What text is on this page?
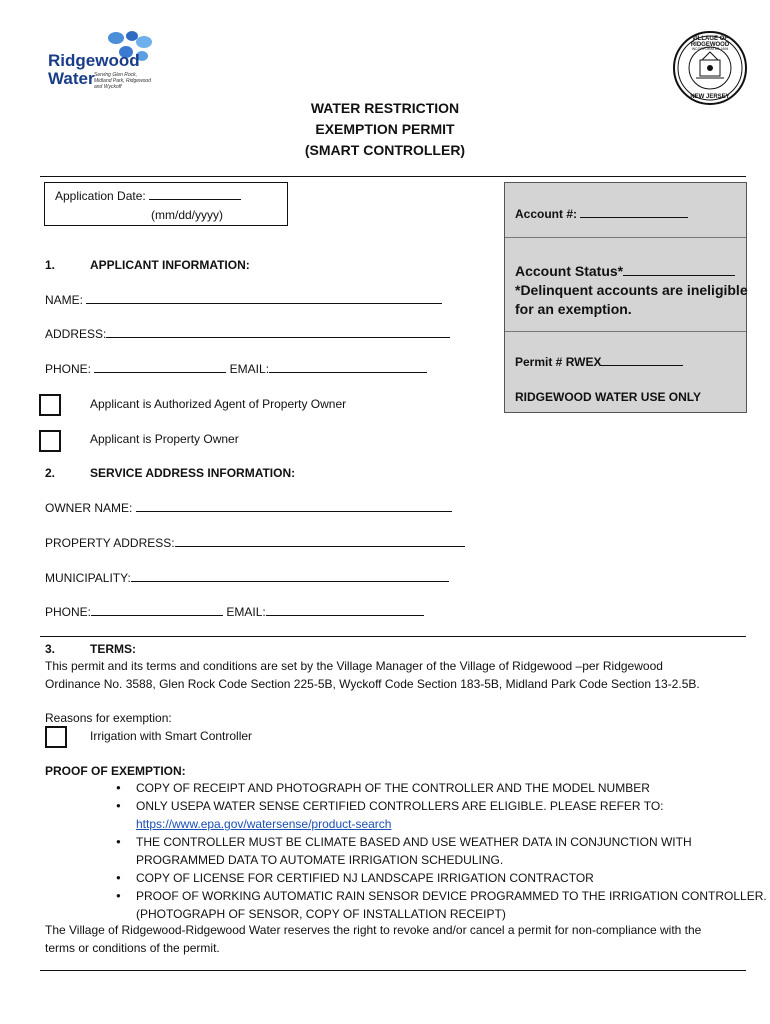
Ridgewood
Water Serving Glen Rock, Midland Park, Ridgewood and Wyckoff
VILLAGE OF RIDGEWOOD
INCORPORATED 1894
NEW JERSEY
WATER RESTRICTION
EXEMPTION PERMIT
(SMART CONTROLLER)
Application Date:
(mm/dd/yyyy)	Account #:
Account Status*
*Delinquent accounts are ineligible
for an exemption.
Permit # RWEX
RIDGEWOOD WATER USE ONLY
1.	APPLICANT INFORMATION:
NAME:
ADDRESS:
PHONE:	EMAIL:
Applicant is Authorized Agent of Property Owner
Applicant is Property Owner
2.	SERVICE ADDRESS INFORMATION:
OWNER NAME:
PROPERTY ADDRESS:
MUNICIPALITY:
PHONE:	EMAIL:
3.	TERMS:
This permit and its terms and conditions are set by the Village Manager of the Village of Ridgewood –per Ridgewood
Ordinance No. 3588, Glen Rock Code Section 225-5B, Wyckoff Code Section 183-5B, Midland Park Code Section 13-2.5B.
Reasons for exemption:
Irrigation with Smart Controller
PROOF OF EXEMPTION:
● COPY OF RECEIPT AND PHOTOGRAPH OF THE CONTROLLER AND THE MODEL NUMBER
● ONLY USEPA WATER SENSE CERTIFIED CONTROLLERS ARE ELIGIBLE. PLEASE REFER TO:
https://www.epa.gov/watersense/product-search
● THE CONTROLLER MUST BE CLIMATE BASED AND USE WEATHER DATA IN CONJUNCTION WITH
PROGRAMMED DATA TO AUTOMATE IRRIGATION SCHEDULING.
● COPY OF LICENSE FOR CERTIFIED NJ LANDSCAPE IRRIGATION CONTRACTOR
● PROOF OF WORKING AUTOMATIC RAIN SENSOR DEVICE PROGRAMMED TO THE IRRIGATION CONTROLLER.
(PHOTOGRAPH OF SENSOR, COPY OF INSTALLATION RECEIPT)
The Village of Ridgewood-Ridgewood Water reserves the right to revoke and/or cancel a permit for non-compliance with the
terms or conditions of the permit.
